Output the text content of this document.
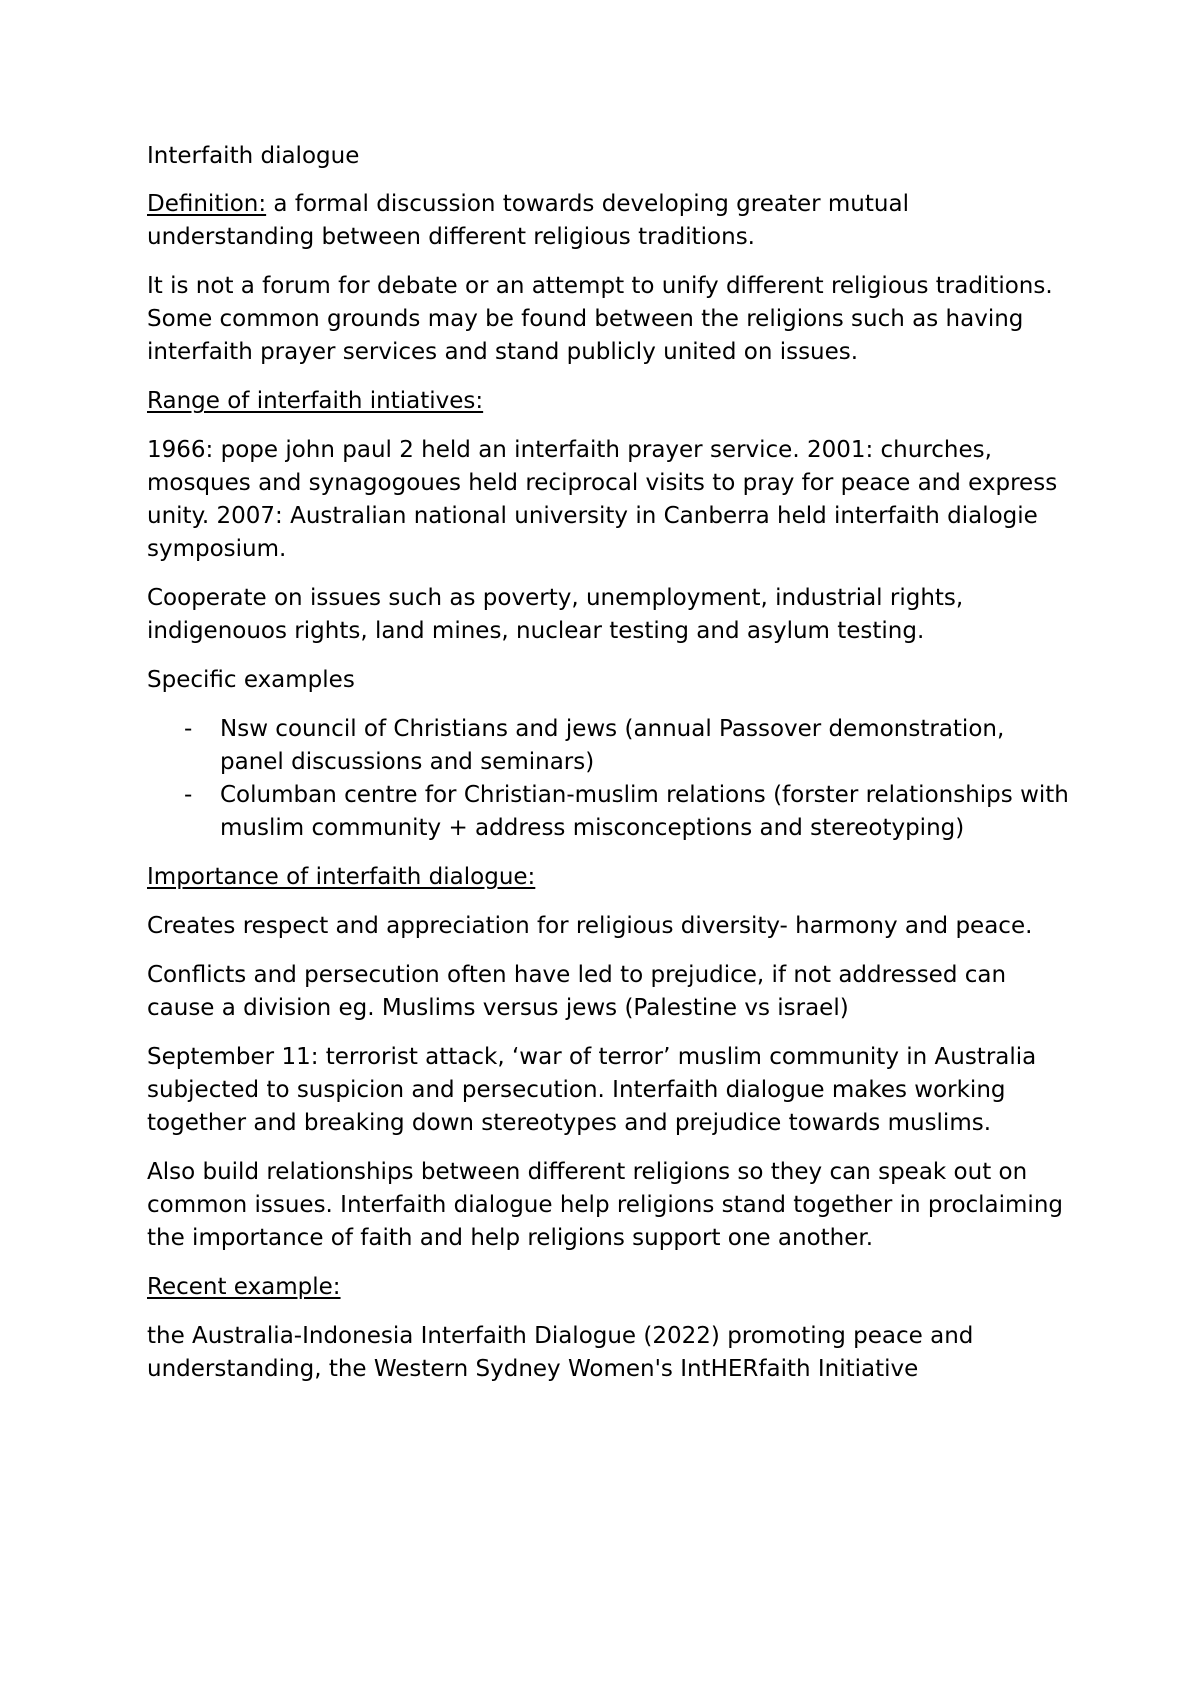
Interfaith dialogue

Definition: a formal discussion towards developing greater mutual understanding between different religious traditions.

It is not a forum for debate or an attempt to unify different religious traditions. Some common grounds may be found between the religions such as having interfaith prayer services and stand publicly united on issues.

Range of interfaith intiatives:

1966: pope john paul 2 held an interfaith prayer service. 2001: churches, mosques and synagogoues held reciprocal visits to pray for peace and express unity. 2007: Australian national university in Canberra held interfaith dialogie symposium.

Cooperate on issues such as poverty, unemployment, industrial rights, indigenouos rights, land mines, nuclear testing and asylum testing.

Specific examples

- Nsw council of Christians and jews (annual Passover demonstration, panel discussions and seminars)
- Columban centre for Christian-muslim relations (forster relationships with muslim community + address misconceptions and stereotyping)

Importance of interfaith dialogue:

Creates respect and appreciation for religious diversity- harmony and peace.

Conflicts and persecution often have led to prejudice, if not addressed can cause a division eg. Muslims versus jews (Palestine vs israel)

September 11: terrorist attack, ‘war of terror’ muslim community in Australia subjected to suspicion and persecution. Interfaith dialogue makes working together and breaking down stereotypes and prejudice towards muslims.

Also build relationships between different religions so they can speak out on common issues. Interfaith dialogue help religions stand together in proclaiming the importance of faith and help religions support one another.

Recent example:

the Australia-Indonesia Interfaith Dialogue (2022) promoting peace and understanding, the Western Sydney Women's IntHERfaith Initiative
